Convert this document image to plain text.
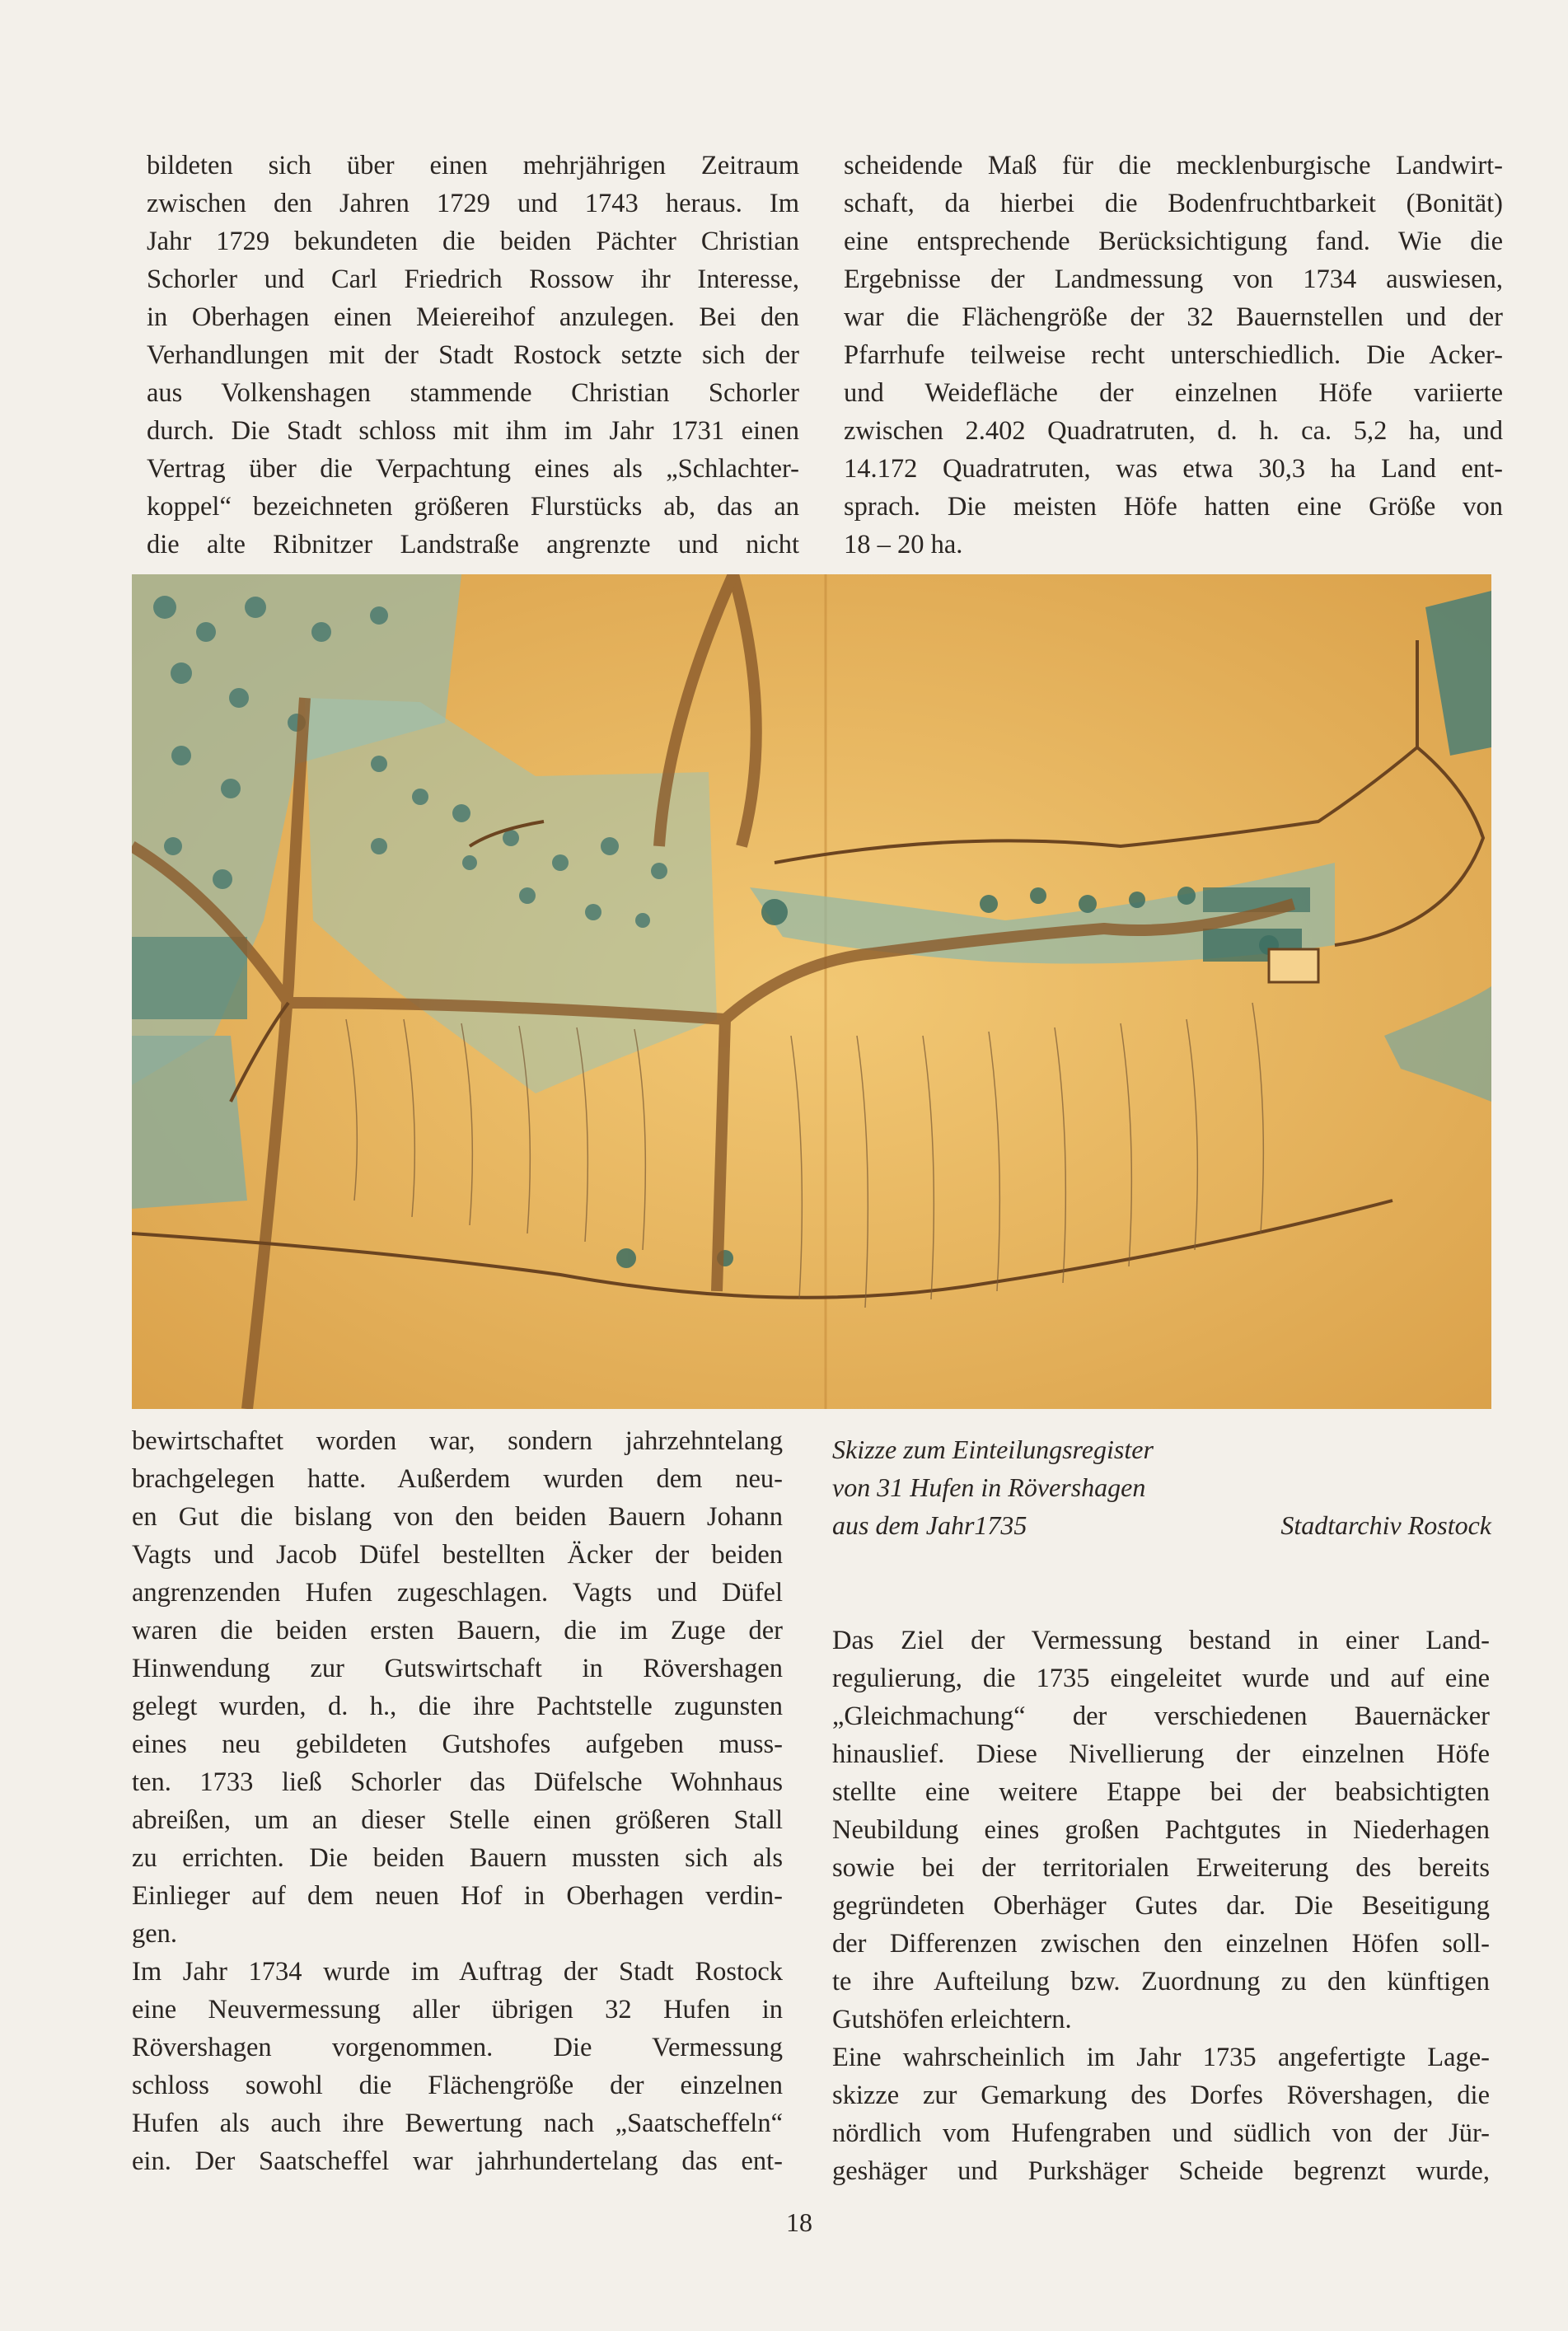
bildeten sich über einen mehrjährigen Zeitraum
zwischen den Jahren 1729 und 1743 heraus. Im
Jahr 1729 bekundeten die beiden Pächter Christian
Schorler und Carl Friedrich Rossow ihr Interesse,
in Oberhagen einen Meiereihof anzulegen. Bei den
Verhandlungen mit der Stadt Rostock setzte sich der
aus Volkenshagen stammende Christian Schorler
durch. Die Stadt schloss mit ihm im Jahr 1731 einen
Vertrag über die Verpachtung eines als „Schlachter-
koppel“ bezeichneten größeren Flurstücks ab, das an
die alte Ribnitzer Landstraße angrenzte und nicht
scheidende Maß für die mecklenburgische Landwirt-
schaft, da hierbei die Bodenfruchtbarkeit (Bonität)
eine entsprechende Berücksichtigung fand. Wie die
Ergebnisse der Landmessung von 1734 auswiesen,
war die Flächengröße der 32 Bauernstellen und der
Pfarrhufe teilweise recht unterschiedlich. Die Acker-
und Weidefläche der einzelnen Höfe variierte
zwischen 2.402 Quadratruten, d. h. ca. 5,2 ha, und
14.172 Quadratruten, was etwa 30,3 ha Land ent-
sprach. Die meisten Höfe hatten eine Größe von
18 – 20 ha.
Skizze zum Einteilungsregister
von 31 Hufen in Rövershagen
aus dem Jahr1735	Stadtarchiv Rostock
bewirtschaftet worden war, sondern jahrzehntelang
brachgelegen hatte. Außerdem wurden dem neu-
en Gut die bislang von den beiden Bauern Johann
Vagts und Jacob Düfel bestellten Äcker der beiden
angrenzenden Hufen zugeschlagen. Vagts und Düfel
waren die beiden ersten Bauern, die im Zuge der
Hinwendung zur Gutswirtschaft in Rövershagen
gelegt wurden, d. h., die ihre Pachtstelle zugunsten
eines neu gebildeten Gutshofes aufgeben muss-
ten. 1733 ließ Schorler das Düfelsche Wohnhaus
abreißen, um an dieser Stelle einen größeren Stall
zu errichten. Die beiden Bauern mussten sich als
Einlieger auf dem neuen Hof in Oberhagen verdin-
gen.
Im Jahr 1734 wurde im Auftrag der Stadt Rostock
eine Neuvermessung aller übrigen 32 Hufen in
Rövershagen vorgenommen. Die Vermessung
schloss sowohl die Flächengröße der einzelnen
Hufen als auch ihre Bewertung nach „Saatscheffeln“
ein. Der Saatscheffel war jahrhundertelang das ent-
Das Ziel der Vermessung bestand in einer Land-
regulierung, die 1735 eingeleitet wurde und auf eine
„Gleichmachung“ der verschiedenen Bauernäcker
hinauslief. Diese Nivellierung der einzelnen Höfe
stellte eine weitere Etappe bei der beabsichtigten
Neubildung eines großen Pachtgutes in Niederhagen
sowie bei der territorialen Erweiterung des bereits
gegründeten Oberhäger Gutes dar. Die Beseitigung
der Differenzen zwischen den einzelnen Höfen soll-
te ihre Aufteilung bzw. Zuordnung zu den künftigen
Gutshöfen erleichtern.
Eine wahrscheinlich im Jahr 1735 angefertigte Lage-
skizze zur Gemarkung des Dorfes Rövershagen, die
nördlich vom Hufengraben und südlich von der Jür-
geshäger und Purkshäger Scheide begrenzt wurde,
18
